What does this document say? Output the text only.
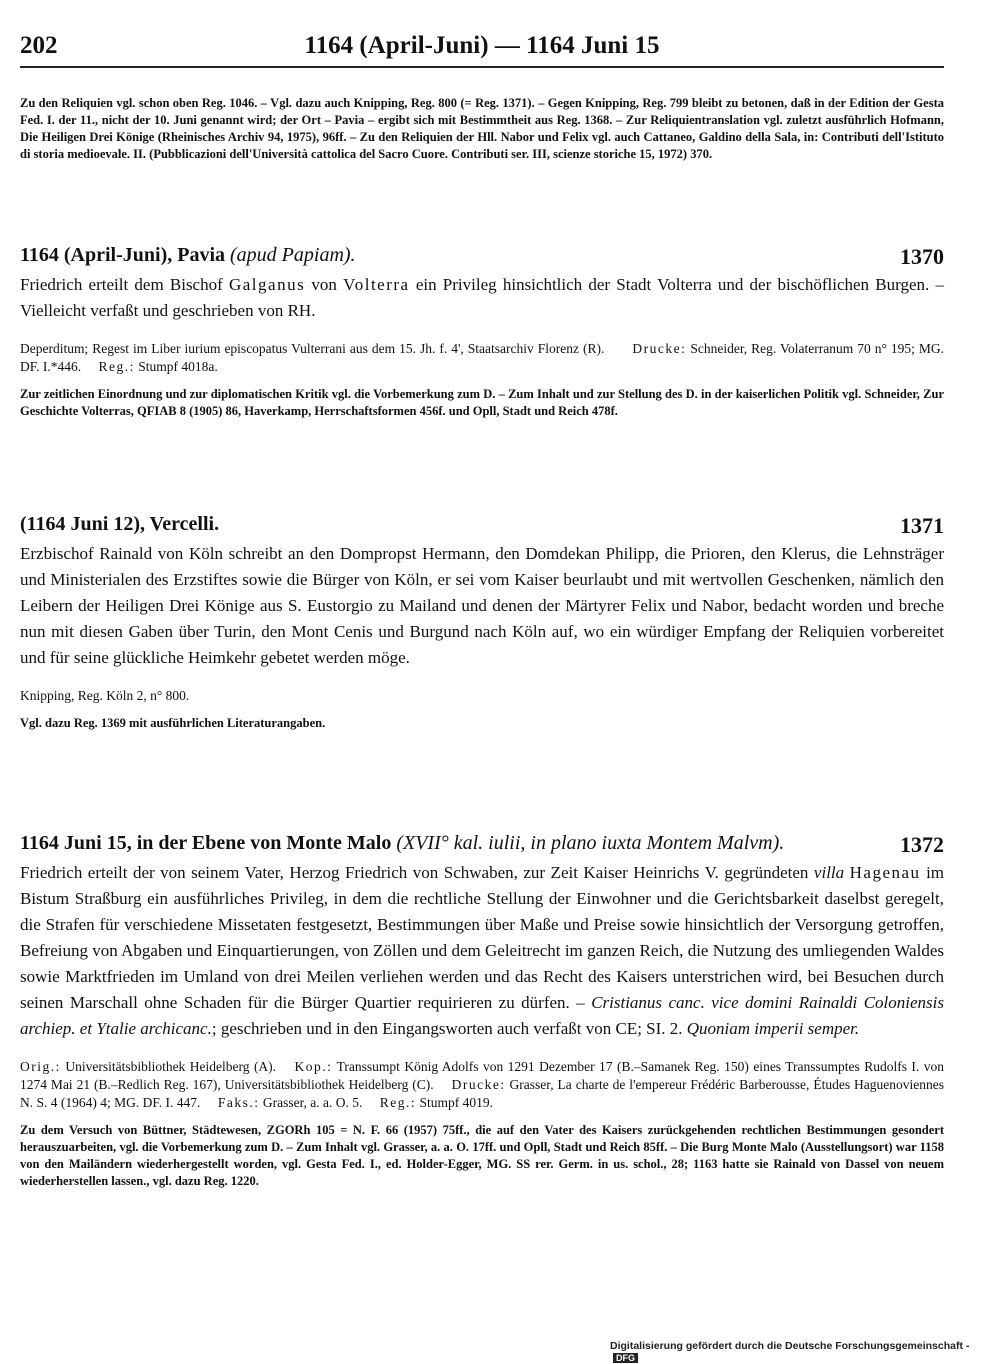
202	1164 (April-Juni) — 1164 Juni 15
Zu den Reliquien vgl. schon oben Reg. 1046. – Vgl. dazu auch Knipping, Reg. 800 (= Reg. 1371). – Gegen Knipping, Reg. 799 bleibt zu betonen, daß in der Edition der Gesta Fed. I. der 11., nicht der 10. Juni genannt wird; der Ort – Pavia – ergibt sich mit Bestimmtheit aus Reg. 1368. – Zur Reliquientranslation vgl. zuletzt ausführlich Hofmann, Die Heiligen Drei Könige (Rheinisches Archiv 94, 1975), 96ff. – Zu den Reliquien der Hll. Nabor und Felix vgl. auch Cattaneo, Galdino della Sala, in: Contributi dell'Istituto di storia medioevale. II. (Pubblicazioni dell'Università cattolica del Sacro Cuore. Contributi ser. III, scienze storiche 15, 1972) 370.
1164 (April-Juni), Pavia (apud Papiam).	1370
Friedrich erteilt dem Bischof Galganus von Volterra ein Privileg hinsichtlich der Stadt Volterra und der bischöflichen Burgen. – Vielleicht verfaßt und geschrieben von RH.
Deperditum; Regest im Liber iurium episcopatus Vulterrani aus dem 15. Jh. f. 4', Staatsarchiv Florenz (R). Drucke: Schneider, Reg. Volaterranum 70 n° 195; MG. DF. I.*446. Reg.: Stumpf 4018a.
Zur zeitlichen Einordnung und zur diplomatischen Kritik vgl. die Vorbemerkung zum D. – Zum Inhalt und zur Stellung des D. in der kaiserlichen Politik vgl. Schneider, Zur Geschichte Volterras, QFIAB 8 (1905) 86, Haverkamp, Herrschaftsformen 456f. und Opll, Stadt und Reich 478f.
(1164 Juni 12), Vercelli.	1371
Erzbischof Rainald von Köln schreibt an den Dompropst Hermann, den Domdekan Philipp, die Prioren, den Klerus, die Lehnsträger und Ministerialen des Erzstiftes sowie die Bürger von Köln, er sei vom Kaiser beurlaubt und mit wertvollen Geschenken, nämlich den Leibern der Heiligen Drei Könige aus S. Eustorgio zu Mailand und denen der Märtyrer Felix und Nabor, bedacht worden und breche nun mit diesen Gaben über Turin, den Mont Cenis und Burgund nach Köln auf, wo ein würdiger Empfang der Reliquien vorbereitet und für seine glückliche Heimkehr gebetet werden möge.
Knipping, Reg. Köln 2, n° 800.
Vgl. dazu Reg. 1369 mit ausführlichen Literaturangaben.
1164 Juni 15, in der Ebene von Monte Malo (XVII° kal. iulii, in plano iuxta Montem Malvm).	1372
Friedrich erteilt der von seinem Vater, Herzog Friedrich von Schwaben, zur Zeit Kaiser Heinrichs V. gegründeten villa Hagenau im Bistum Straßburg ein ausführliches Privileg, in dem die rechtliche Stellung der Einwohner und die Gerichtsbarkeit daselbst geregelt, die Strafen für verschiedene Missetaten festgesetzt, Bestimmungen über Maße und Preise sowie hinsichtlich der Versorgung getroffen, Befreiung von Abgaben und Einquartierungen, von Zöllen und dem Geleitrecht im ganzen Reich, die Nutzung des umliegenden Waldes sowie Marktfrieden im Umland von drei Meilen verliehen werden und das Recht des Kaisers unterstrichen wird, bei Besuchen durch seinen Marschall ohne Schaden für die Bürger Quartier requirieren zu dürfen. – Cristianus canc. vice domini Rainaldi Coloniensis archiep. et Ytalie archicanc.; geschrieben und in den Eingangsworten auch verfaßt von CE; SI. 2. Quoniam imperii semper.
Orig.: Universitätsbibliothek Heidelberg (A). Kop.: Transsumpt König Adolfs von 1291 Dezember 17 (B.–Samanek Reg. 150) eines Transsumptes Rudolfs I. von 1274 Mai 21 (B.–Redlich Reg. 167), Universitätsbibliothek Heidelberg (C). Drucke: Grasser, La charte de l'empereur Frédéric Barberousse, Études Haguenoviennes N. S. 4 (1964) 4; MG. DF. I. 447. Faks.: Grasser, a. a. O. 5. Reg.: Stumpf 4019.
Zu dem Versuch von Büttner, Städtewesen, ZGORh 105 = N. F. 66 (1957) 75ff., die auf den Vater des Kaisers zurückgehenden rechtlichen Bestimmungen gesondert herauszuarbeiten, vgl. die Vorbemerkung zum D. – Zum Inhalt vgl. Grasser, a. a. O. 17ff. und Opll, Stadt und Reich 85ff. – Die Burg Monte Malo (Ausstellungsort) war 1158 von den Mailändern wiederhergestellt worden, vgl. Gesta Fed. I., ed. Holder-Egger, MG. SS rer. Germ. in us. schol., 28; 1163 hatte sie Rainald von Dassel von neuem wiederherstellen lassen., vgl. dazu Reg. 1220.
Digitalisierung gefördert durch die Deutsche Forschungsgemeinschaft - DFG
